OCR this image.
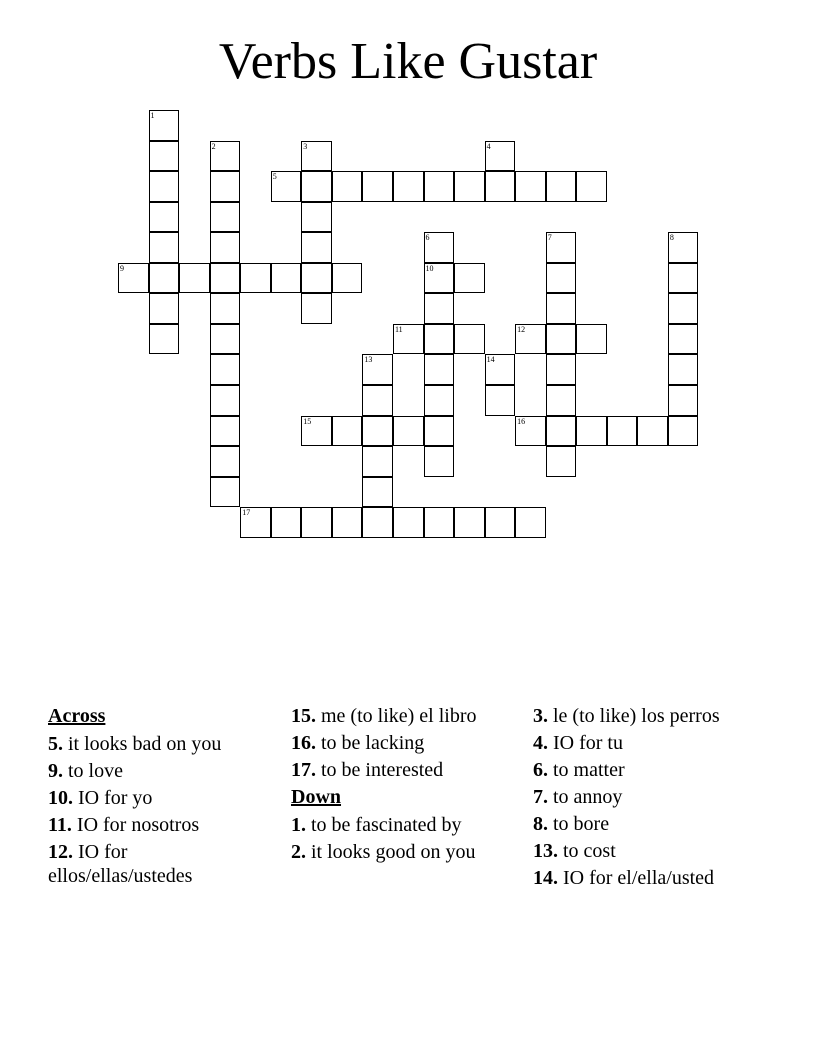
Verbs Like Gustar
1
2	3	4
5
6	7	8
9	10
11	12
13	14
15	16
17
Across
5. it looks bad on you
9. to love
10. IO for yo
11. IO for nosotros
12. IO for ellos/ellas/ustedes
15. me (to like) el libro
16. to be lacking
17. to be interested
Down
1. to be fascinated by
2. it looks good on you
3. le (to like) los perros
4. IO for tu
6. to matter
7. to annoy
8. to bore
13. to cost
14. IO for el/ella/usted
